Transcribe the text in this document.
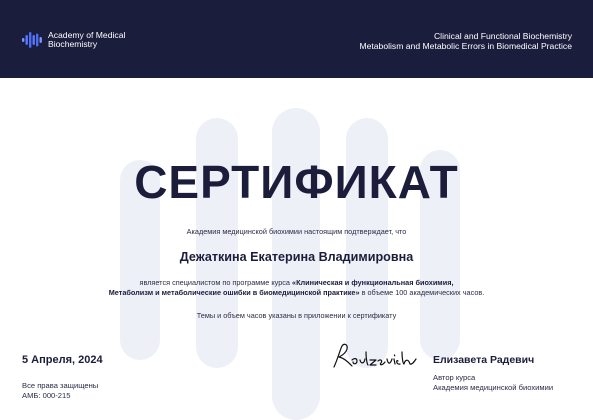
Academy of Medical
Biochemistry
Clinical and Functional Biochemistry
Metabolism and Metabolic Errors in Biomedical Practice
СЕРТИФИКАТ
Академия медицинской биохимии настоящим подтверждает, что
Дежаткина Екатерина Владимировна
является специалистом по программе курса «Клиническая и функциональная биохимия,
Метаболизм и метаболические ошибки в биомедицинской практике» в объеме 100 академических часов.
Темы и объем часов указаны в приложении к сертификату
5 Апреля, 2024
Все права защищены
АМБ: 000-215
Елизавета Радевич
Автор курса
Академия медицинской биохимии
